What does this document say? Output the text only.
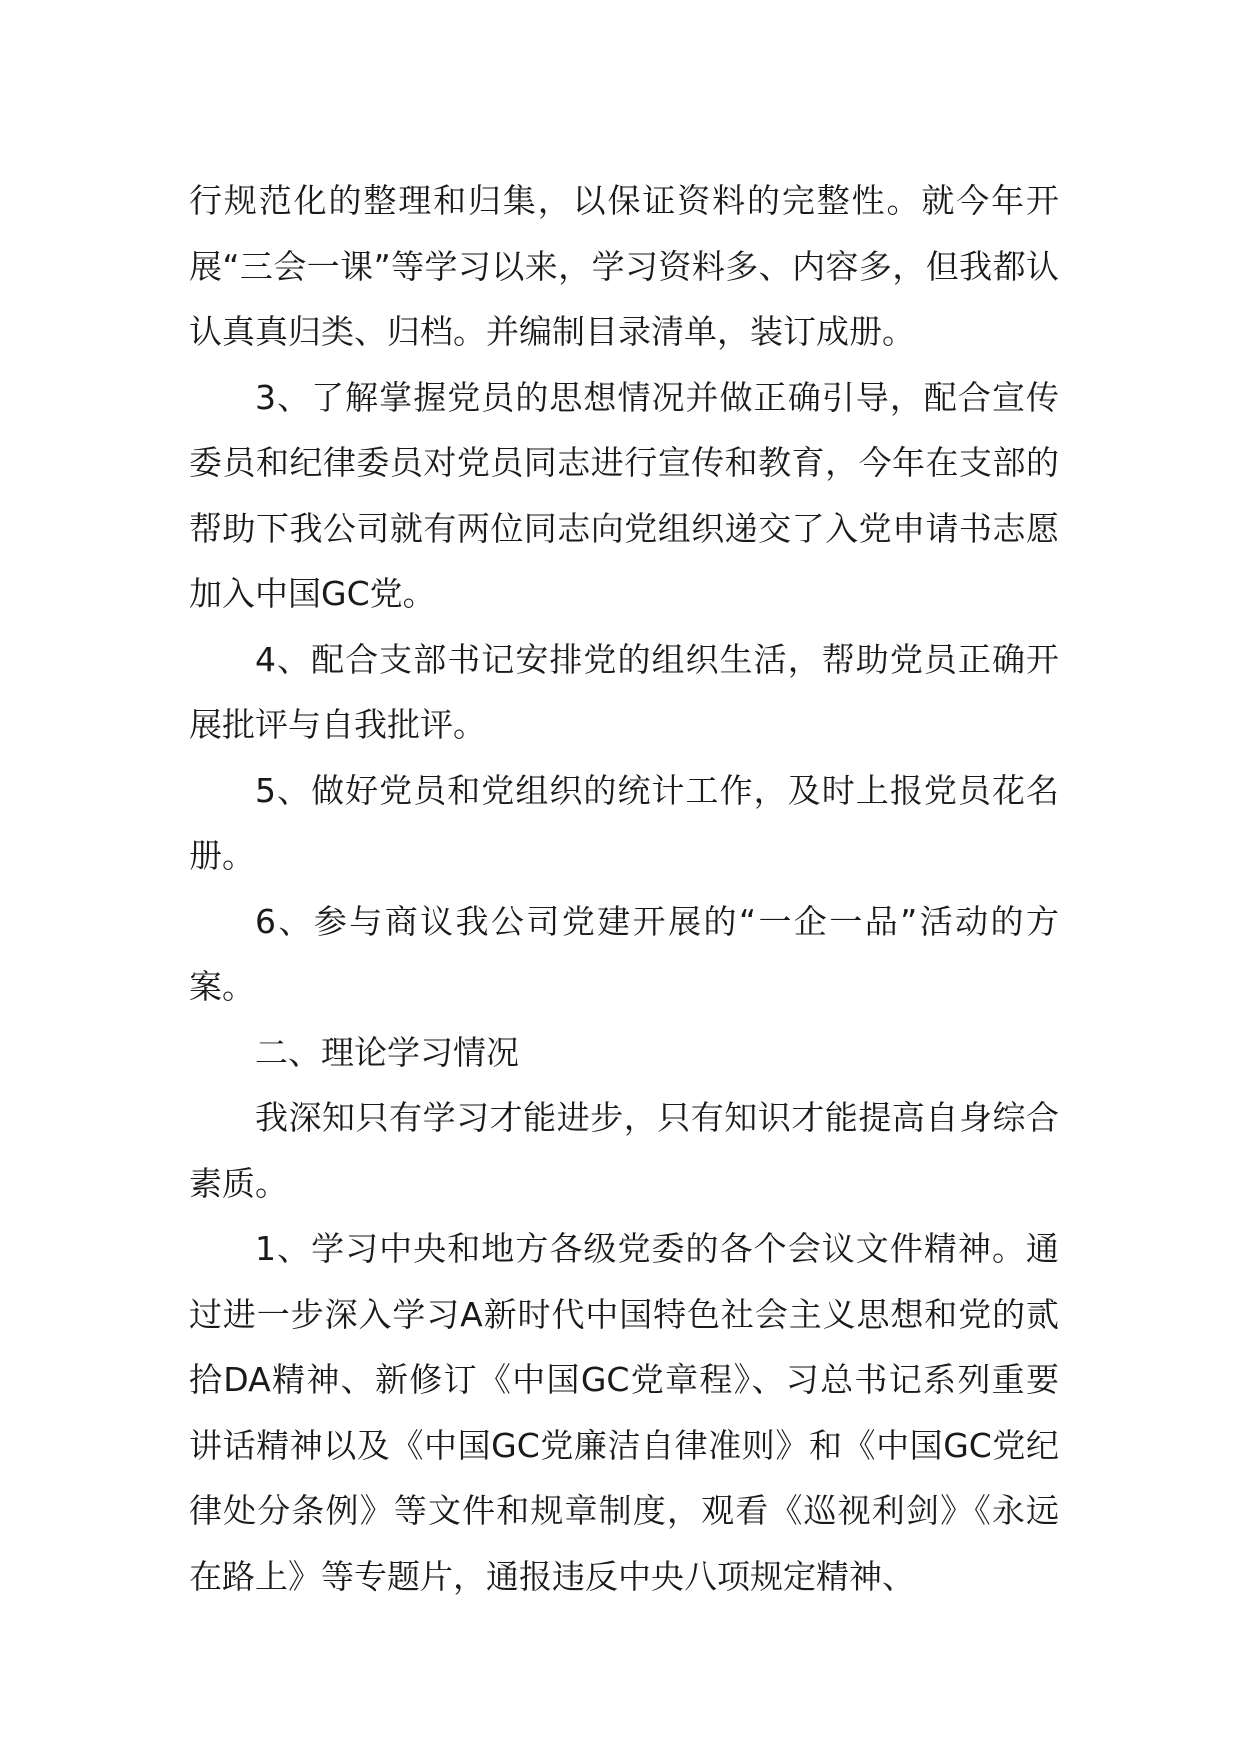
行规范化的整理和归集，以保证资料的完整性。就今年开展“三会一课”等学习以来，学习资料多、内容多，但我都认认真真归类、归档。并编制目录清单，装订成册。

3、了解掌握党员的思想情况并做正确引导，配合宣传委员和纪律委员对党员同志进行宣传和教育，今年在支部的帮助下我公司就有两位同志向党组织递交了入党申请书志愿加入中国GC党。

4、配合支部书记安排党的组织生活，帮助党员正确开展批评与自我批评。

5、做好党员和党组织的统计工作，及时上报党员花名册。

6、参与商议我公司党建开展的“一企一品”活动的方案。

二、理论学习情况

我深知只有学习才能进步，只有知识才能提高自身综合素质。

1、学习中央和地方各级党委的各个会议文件精神。通过进一步深入学习A新时代中国特色社会主义思想和党的贰拾DA精神、新修订《中国GC党章程》、习总书记系列重要讲话精神以及《中国GC党廉洁自律准则》和《中国GC党纪律处分条例》等文件和规章制度，观看《巡视利剑》《永远在路上》等专题片，通报违反中央八项规定精神、
